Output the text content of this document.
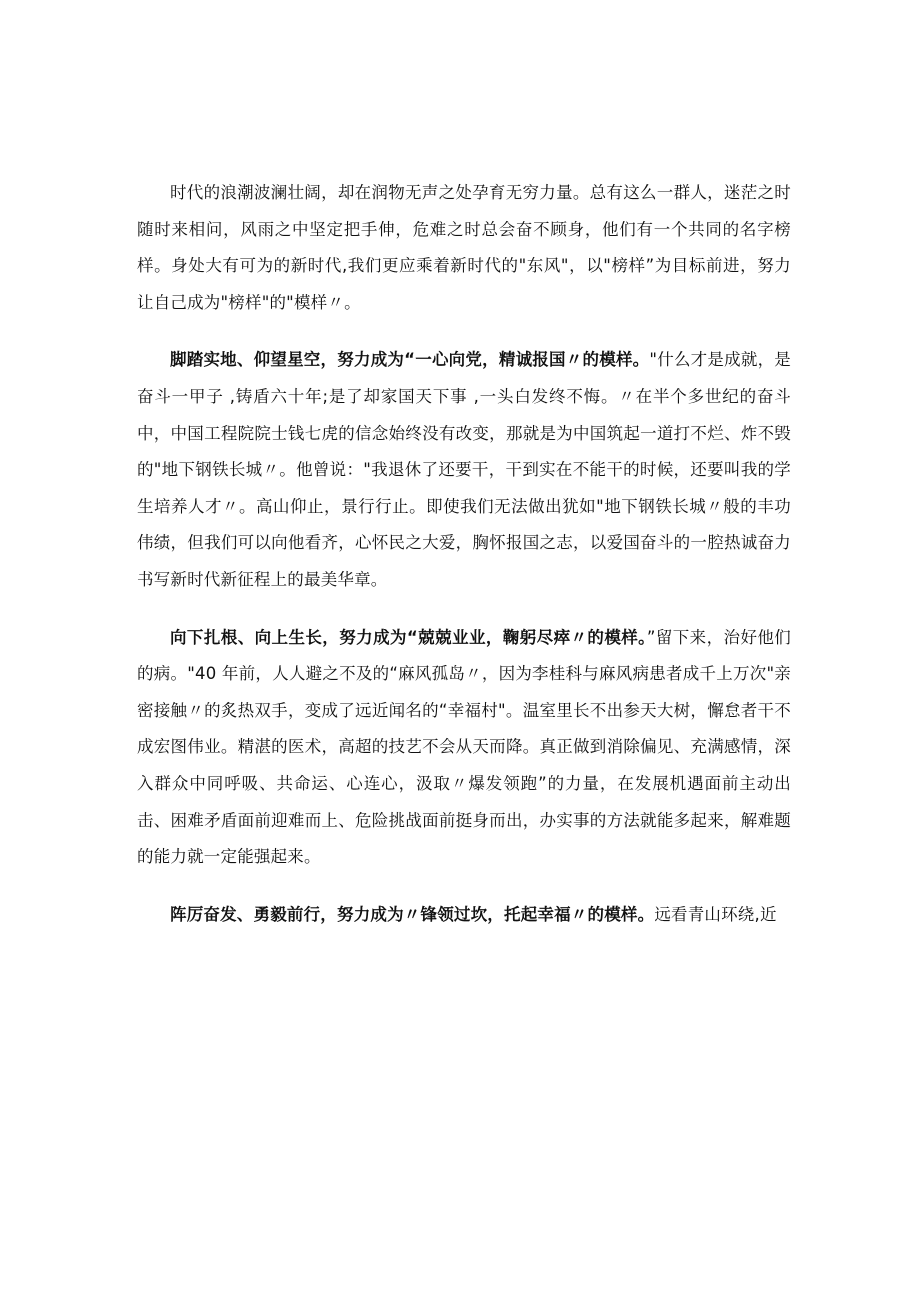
时代的浪潮波澜壮阔，却在润物无声之处孕育无穷力量。总有这么一群人，迷茫之时随时来相问，风雨之中坚定把手伸，危难之时总会奋不顾身，他们有一个共同的名字榜样。身处大有可为的新时代,我们更应乘着新时代的"东风"，以"榜样”为目标前进，努力让自己成为"榜样"的"模样〃。

脚踏实地、仰望星空，努力成为“一心向党，精诚报国〃的模样。"什么才是成就，是奋斗一甲子 ,铸盾六十年;是了却家国天下事 ,一头白发终不悔。〃在半个多世纪的奋斗中，中国工程院院士钱七虎的信念始终没有改变，那就是为中国筑起一道打不烂、炸不毁的"地下钢铁长城〃。他曾说："我退休了还要干，干到实在不能干的时候，还要叫我的学生培养人才〃。高山仰止，景行行止。即使我们无法做出犹如"地下钢铁长城〃般的丰功伟绩，但我们可以向他看齐，心怀民之大爱，胸怀报国之志，以爱国奋斗的一腔热诚奋力书写新时代新征程上的最美华章。

向下扎根、向上生长，努力成为“兢兢业业，鞠躬尽瘁〃的模样。”留下来，治好他们的病。"40 年前，人人避之不及的“麻风孤岛〃，因为李桂科与麻风病患者成千上万次"亲密接触〃的炙热双手，变成了远近闻名的“幸福村"。温室里长不出参天大树，懈怠者干不成宏图伟业。精湛的医术，高超的技艺不会从天而降。真正做到消除偏见、充满感情，深入群众中同呼吸、共命运、心连心，汲取〃爆发领跑”的力量，在发展机遇面前主动出击、困难矛盾面前迎难而上、危险挑战面前挺身而出，办实事的方法就能多起来，解难题的能力就一定能强起来。

阵厉奋发、勇毅前行，努力成为〃锋领过坎，托起幸福〃的模样。远看青山环绕,近
